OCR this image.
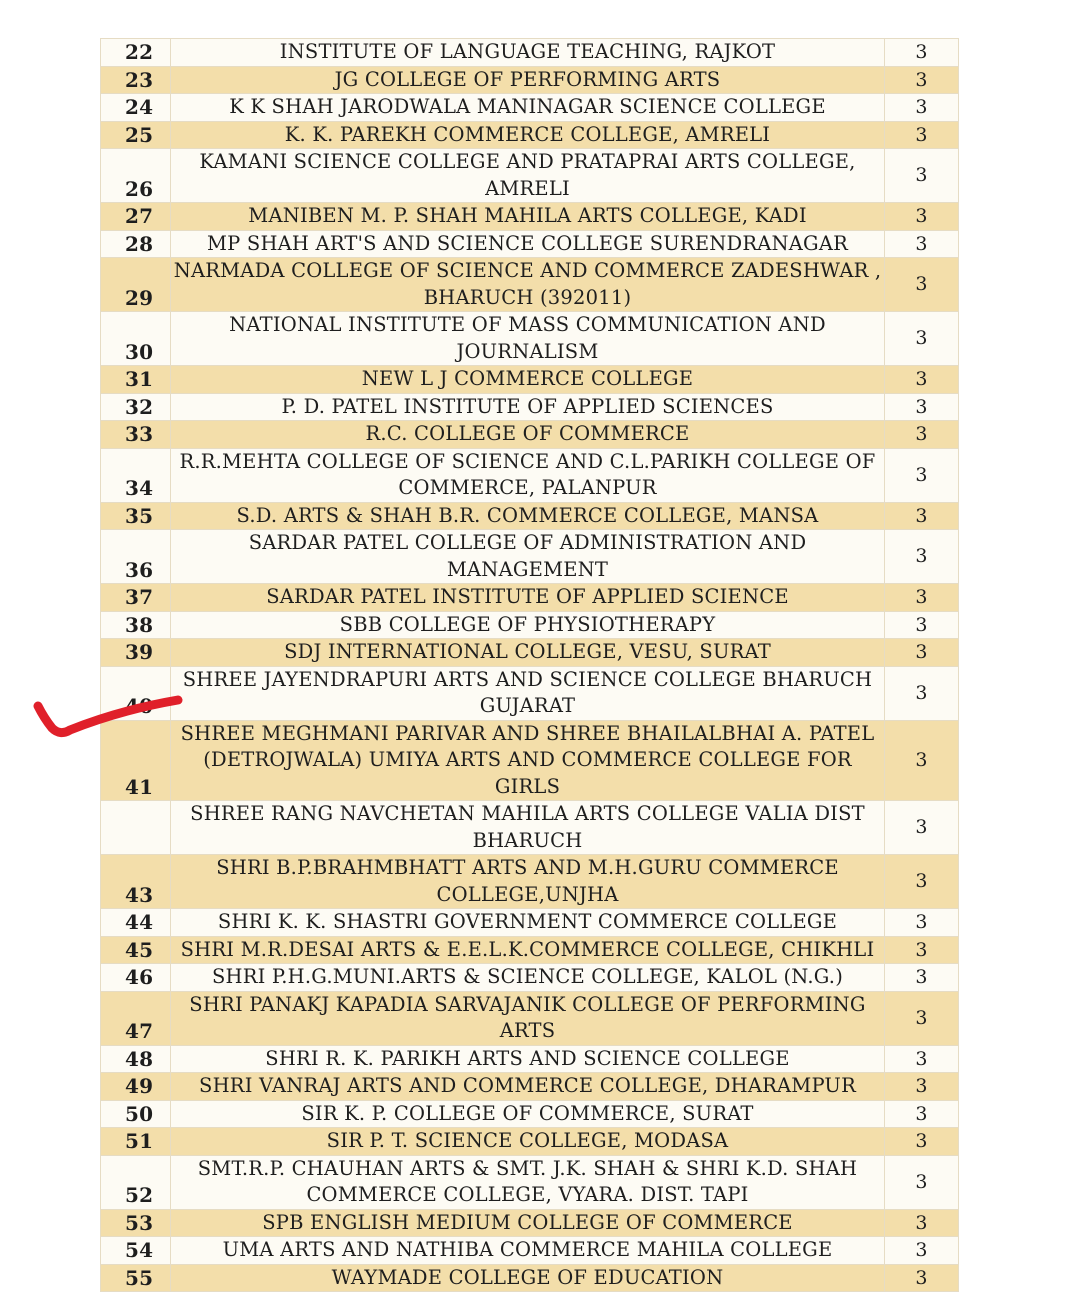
22	INSTITUTE OF LANGUAGE TEACHING, RAJKOT	3
23	JG COLLEGE OF PERFORMING ARTS	3
24	K K SHAH JARODWALA MANINAGAR SCIENCE COLLEGE	3
25	K. K. PAREKH COMMERCE COLLEGE, AMRELI	3
26	KAMANI SCIENCE COLLEGE AND PRATAPRAI ARTS COLLEGE, AMRELI	3
27	MANIBEN M. P. SHAH MAHILA ARTS COLLEGE, KADI	3
28	MP SHAH ART'S AND SCIENCE COLLEGE SURENDRANAGAR	3
29	NARMADA COLLEGE OF SCIENCE AND COMMERCE ZADESHWAR , BHARUCH (392011)	3
30	NATIONAL INSTITUTE OF MASS COMMUNICATION AND JOURNALISM	3
31	NEW L J COMMERCE COLLEGE	3
32	P. D. PATEL INSTITUTE OF APPLIED SCIENCES	3
33	R.C. COLLEGE OF COMMERCE	3
34	R.R.MEHTA COLLEGE OF SCIENCE AND C.L.PARIKH COLLEGE OF COMMERCE, PALANPUR	3
35	S.D. ARTS & SHAH B.R. COMMERCE COLLEGE, MANSA	3
36	SARDAR PATEL COLLEGE OF ADMINISTRATION AND MANAGEMENT	3
37	SARDAR PATEL INSTITUTE OF APPLIED SCIENCE	3
38	SBB COLLEGE OF PHYSIOTHERAPY	3
39	SDJ INTERNATIONAL COLLEGE, VESU, SURAT	3
40	SHREE JAYENDRAPURI ARTS AND SCIENCE COLLEGE BHARUCH GUJARAT	3
41	SHREE MEGHMANI PARIVAR AND SHREE BHAILALBHAI A. PATEL (DETROJWALA) UMIYA ARTS AND COMMERCE COLLEGE FOR GIRLS	3
	SHREE RANG NAVCHETAN MAHILA ARTS COLLEGE VALIA DIST BHARUCH	3
43	SHRI B.P.BRAHMBHATT ARTS AND M.H.GURU COMMERCE COLLEGE,UNJHA	3
44	SHRI K. K. SHASTRI GOVERNMENT COMMERCE COLLEGE	3
45	SHRI M.R.DESAI ARTS & E.E.L.K.COMMERCE COLLEGE, CHIKHLI	3
46	SHRI P.H.G.MUNI.ARTS & SCIENCE COLLEGE, KALOL (N.G.)	3
47	SHRI PANAKJ KAPADIA SARVAJANIK COLLEGE OF PERFORMING ARTS	3
48	SHRI R. K. PARIKH ARTS AND SCIENCE COLLEGE	3
49	SHRI VANRAJ ARTS AND COMMERCE COLLEGE, DHARAMPUR	3
50	SIR K. P. COLLEGE OF COMMERCE, SURAT	3
51	SIR P. T. SCIENCE COLLEGE, MODASA	3
52	SMT.R.P. CHAUHAN ARTS & SMT. J.K. SHAH & SHRI K.D. SHAH COMMERCE COLLEGE, VYARA. DIST. TAPI	3
53	SPB ENGLISH MEDIUM COLLEGE OF COMMERCE	3
54	UMA ARTS AND NATHIBA COMMERCE MAHILA COLLEGE	3
55	WAYMADE COLLEGE OF EDUCATION	3
